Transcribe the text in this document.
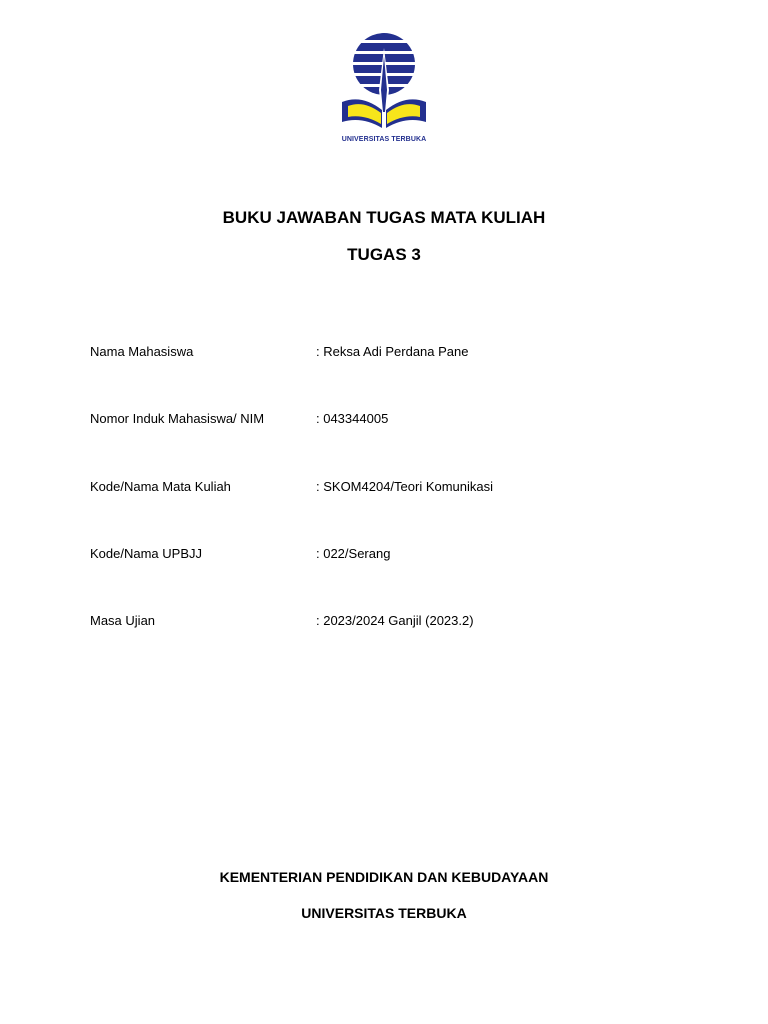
UNIVERSITAS TERBUKA
BUKU JAWABAN TUGAS MATA KULIAH
TUGAS 3
Nama Mahasiswa	: Reksa Adi Perdana Pane
Nomor Induk Mahasiswa/ NIM	: 043344005
Kode/Nama Mata Kuliah	: SKOM4204/Teori Komunikasi
Kode/Nama UPBJJ	: 022/Serang
Masa Ujian	: 2023/2024 Ganjil (2023.2)
KEMENTERIAN PENDIDIKAN DAN KEBUDAYAAN
UNIVERSITAS TERBUKA
